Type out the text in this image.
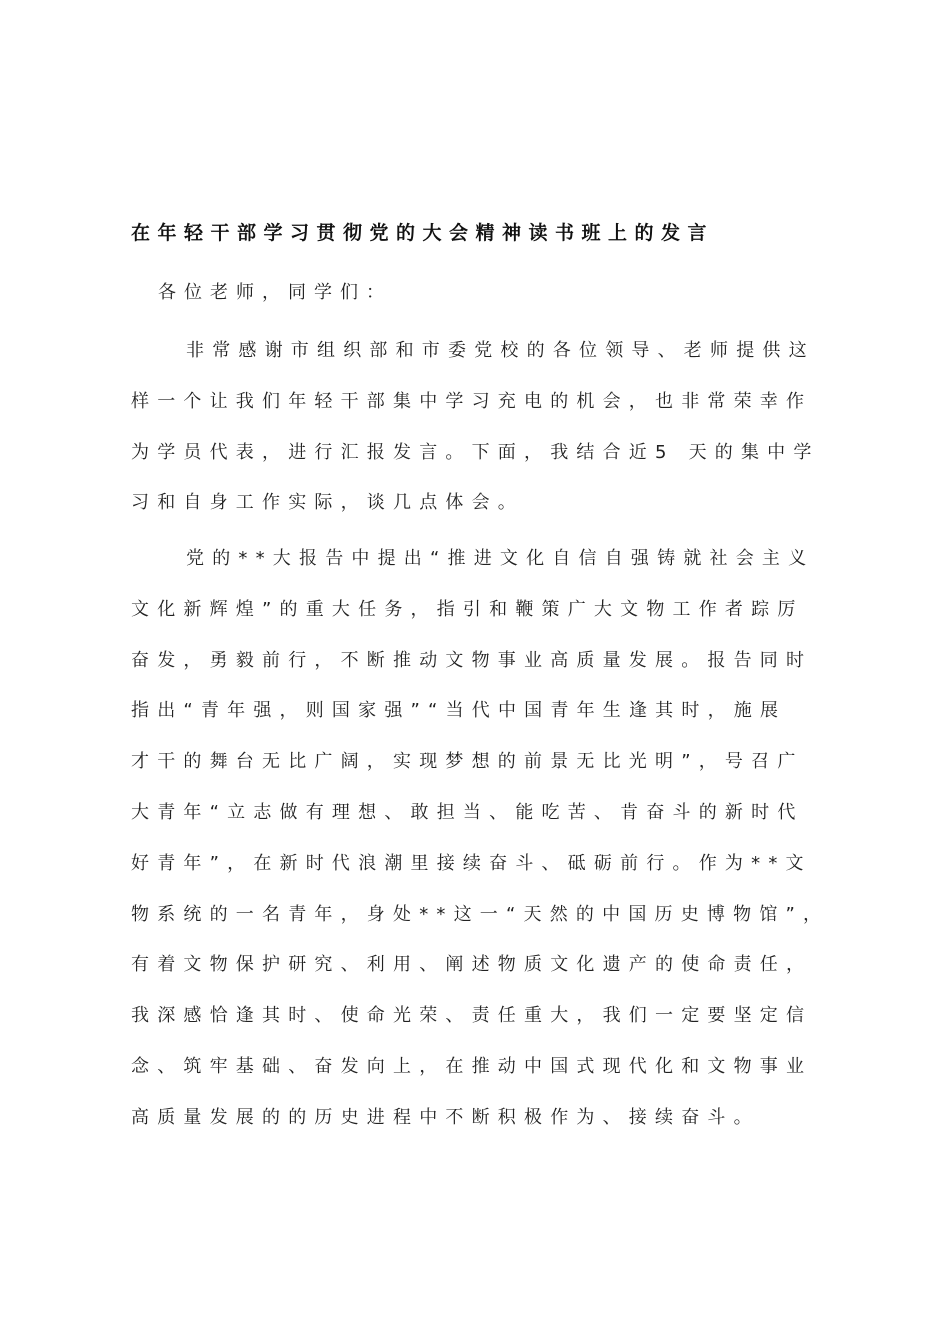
在年轻干部学习贯彻党的大会精神读书班上的发言
各位老师，同学们：
非常感谢市组织部和市委党校的各位领导、老师提供这
样一个让我们年轻干部集中学习充电的机会，也非常荣幸作
为学员代表，进行汇报发言。下面，我结合近5 天的集中学
习和自身工作实际，谈几点体会。
党的**大报告中提出“推进文化自信自强铸就社会主义
文化新辉煌”的重大任务，指引和鞭策广大文物工作者踪厉
奋发，勇毅前行，不断推动文物事业高质量发展。报告同时
指出“青年强，则国家强”“当代中国青年生逢其时，施展
才干的舞台无比广阔，实现梦想的前景无比光明”，号召广
大青年“立志做有理想、敢担当、能吃苦、肯奋斗的新时代
好青年”，在新时代浪潮里接续奋斗、砥砺前行。作为**文
物系统的一名青年，身处**这一“天然的中国历史博物馆”，
有着文物保护研究、利用、阐述物质文化遗产的使命责任，
我深感恰逢其时、使命光荣、责任重大，我们一定要坚定信
念、筑牢基础、奋发向上，在推动中国式现代化和文物事业
高质量发展的的历史进程中不断积极作为、接续奋斗。
